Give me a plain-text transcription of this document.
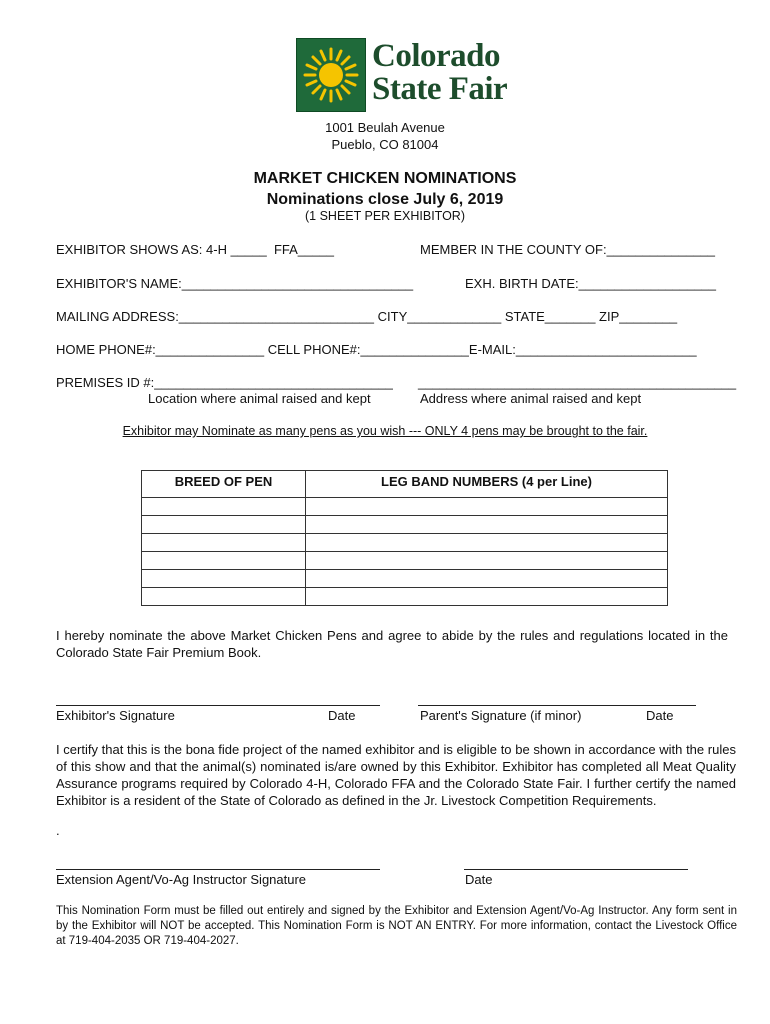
Colorado
State Fair
1001 Beulah Avenue
Pueblo, CO 81004
MARKET CHICKEN NOMINATIONS
Nominations close July 6, 2019
(1 SHEET PER EXHIBITOR)
EXHIBITOR SHOWS AS: 4-H _____  FFA_____	MEMBER IN THE COUNTY OF:_______________
EXHIBITOR'S NAME:________________________________	EXH. BIRTH DATE:___________________
MAILING ADDRESS:___________________________ CITY_____________ STATE_______ ZIP________
HOME PHONE#:_______________ CELL PHONE#:_______________E-MAIL:_________________________
PREMISES ID #:_________________________________ ____________________________________________
Location where animal raised and kept	Address where animal raised and kept
Exhibitor may Nominate as many pens as you wish --- ONLY 4 pens may be brought to the fair.
BREED OF PEN	LEG BAND NUMBERS (4 per Line)

I hereby nominate the above Market Chicken Pens and agree to abide by the rules and regulations located in the Colorado State Fair Premium Book.
Exhibitor's Signature	Date	Parent's Signature (if minor)	Date
I certify that this is the bona fide project of the named exhibitor and is eligible to be shown in accordance with the rules of this show and that the animal(s) nominated is/are owned by this Exhibitor. Exhibitor has completed all Meat Quality Assurance programs required by Colorado 4-H, Colorado FFA and the Colorado State Fair. I further certify the named Exhibitor is a resident of the State of Colorado as defined in the Jr. Livestock Competition Requirements.
.
Extension Agent/Vo-Ag Instructor Signature	Date
This Nomination Form must be filled out entirely and signed by the Exhibitor and Extension Agent/Vo-Ag Instructor. Any form sent in by the Exhibitor will NOT be accepted. This Nomination Form is NOT AN ENTRY. For more information, contact the Livestock Office at 719-404-2035 OR 719-404-2027.
